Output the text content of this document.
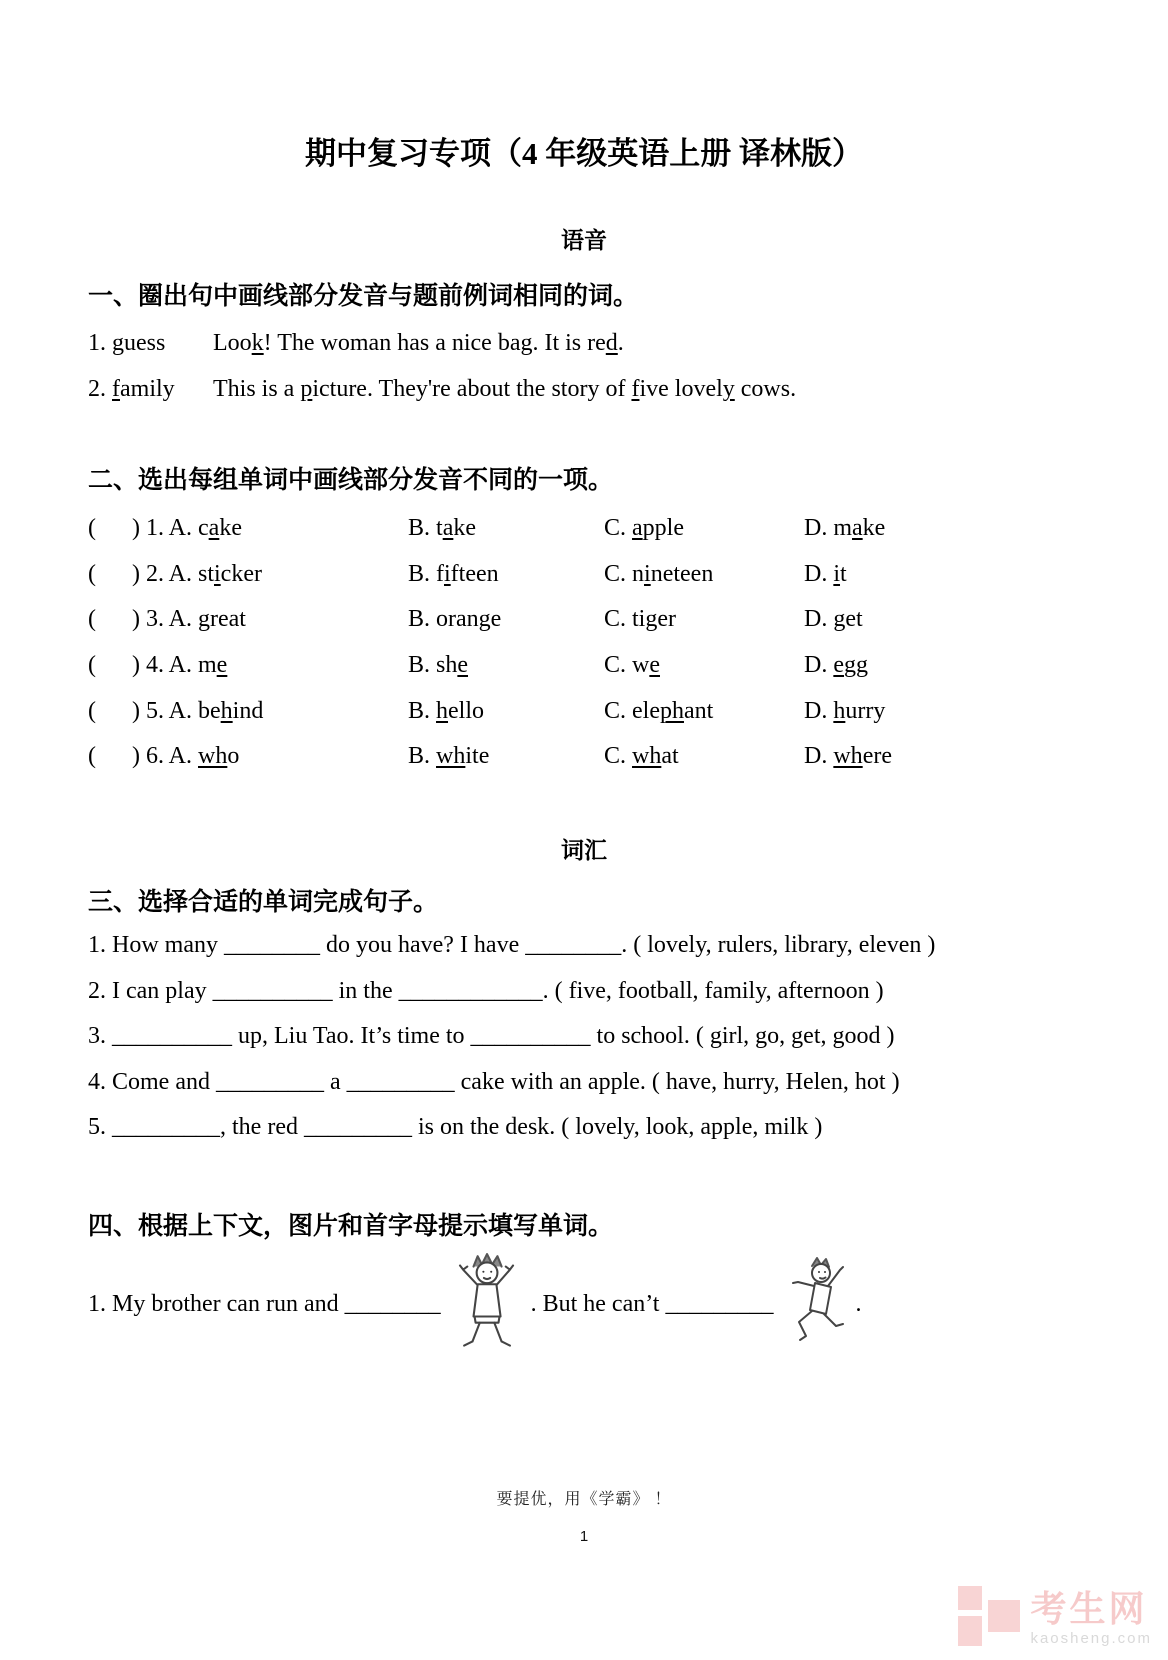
期中复习专项（4 年级英语上册 译林版）
语音
一、圈出句中画线部分发音与题前例词相同的词。
1. guess	Look! The woman has a nice bag. It is red.
2. family	This is a picture. They're about the story of five lovely cows.
二、选出每组单词中画线部分发音不同的一项。
(      ) 1. A. cake	B. take	C. apple	D. make
(      ) 2. A. sticker	B. fifteen	C. nineteen	D. it
(      ) 3. A. great	B. orange	C. tiger	D. get
(      ) 4. A. me	B. she	C. we	D. egg
(      ) 5. A. behind	B. hello	C. elephant	D. hurry
(      ) 6. A. who	B. white	C. what	D. where
词汇
三、选择合适的单词完成句子。
1. How many ________ do you have? I have ________. ( lovely, rulers, library, eleven )
2. I can play __________ in the ____________. ( five, football, family, afternoon )
3. __________ up, Liu Tao. It’s time to __________ to school. ( girl, go, get, good )
4. Come and _________ a _________ cake with an apple. ( have, hurry, Helen, hot )
5. _________, the red _________ is on the desk. ( lovely, look, apple, milk )
四、根据上下文，图片和首字母提示填写单词。
1. My brother can run and ________	. But he can’t _________	.
要提优，用《学霸》 ！
1
考生网
kaosheng.com
